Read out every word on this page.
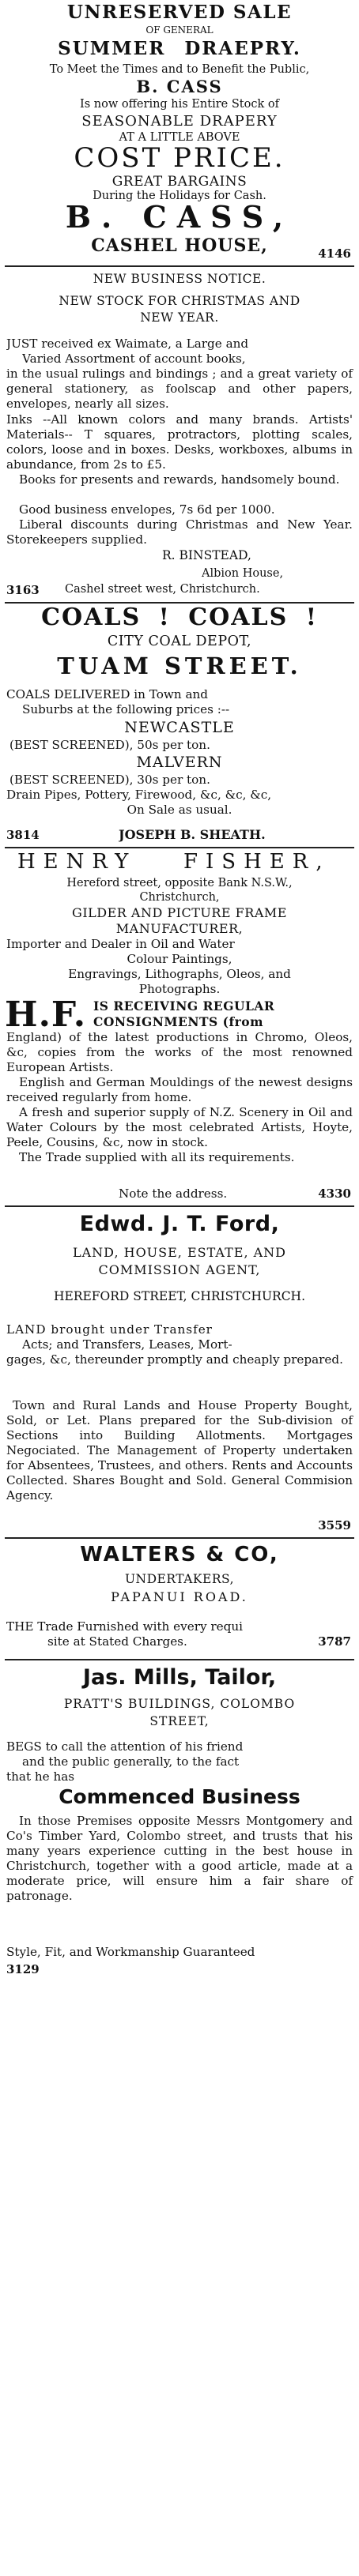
UNRESERVED SALE
OF GENERAL
SUMMER DRAEPRY.
To Meet the Times and to Benefit the Public,
B. CASS
Is now offering his Entire Stock of
SEASONABLE DRAPERY
AT A LITTLE ABOVE
COST PRICE.
GREAT BARGAINS
During the Holidays for Cash.
B. CASS,
CASHEL HOUSE,	4146
NEW BUSINESS NOTICE.
NEW STOCK FOR CHRISTMAS AND
NEW YEAR.
JUST received ex Waimate, a Large and
Varied Assortment of account books,
in the usual rulings and bindings ; and a great variety of general stationery, as foolscap and other papers, envelopes, nearly all sizes.
Inks --All known colors and many brands. Artists' Materials-- T squares, protractors, plotting scales, colors, loose and in boxes. Desks, workboxes, albums in abundance, from 2s to £5.
Books for presents and rewards, handsomely bound.
Good business envelopes, 7s 6d per 1000.
Liberal discounts during Christmas and New Year. Storekeepers supplied.
R. BINSTEAD,
Albion House,
3163	Cashel street west, Christchurch.
COALS ! COALS !
CITY COAL DEPOT,
TUAM STREET.
COALS DELIVERED in Town and
Suburbs at the following prices :--
NEWCASTLE
(BEST SCREENED), 50s per ton.
MALVERN
(BEST SCREENED), 30s per ton.
Drain Pipes, Pottery, Firewood, &c, &c, &c,
On Sale as usual.
3814	JOSEPH B. SHEATH.
HENRY	FISHER,
Hereford street, opposite Bank N.S.W.,
Christchurch,
GILDER AND PICTURE FRAME
MANUFACTURER,
Importer and Dealer in Oil and Water
Colour Paintings,
Engravings, Lithographs, Oleos, and
Photographs.
H.F. IS RECEIVING REGULAR
CONSIGNMENTS (from
England) of the latest productions in Chromo, Oleos, &c, copies from the works of the most renowned European Artists.
English and German Mouldings of the newest designs received regularly from home.
A fresh and superior supply of N.Z. Scenery in Oil and Water Colours by the most celebrated Artists, Hoyte, Peele, Cousins, &c, now in stock.
The Trade supplied with all its requirements.
Note the address.	4330
Edwd. J. T. Ford,
LAND, HOUSE, ESTATE, AND
COMMISSION AGENT,
HEREFORD STREET, CHRISTCHURCH.
LAND brought under Transfer
Acts; and Transfers, Leases, Mort-
gages, &c, thereunder promptly and cheaply prepared.
Town and Rural Lands and House Property Bought, Sold, or Let. Plans prepared for the Sub-division of Sections into Building Allotments. Mortgages Negociated. The Management of Property undertaken for Absentees, Trustees, and others. Rents and Accounts Collected. Shares Bought and Sold. General Commision Agency.
3559
WALTERS & CO,
UNDERTAKERS,
PAPANUI ROAD.
THE Trade Furnished with every requi
site at Stated Charges.	3787
Jas. Mills, Tailor,
PRATT'S BUILDINGS, COLOMBO
STREET,
BEGS to call the attention of his friend
and the public generally, to the fact
that he has
Commenced Business
In those Premises opposite Messrs Montgomery and Co's Timber Yard, Colombo street, and trusts that his many years experience cutting in the best house in Christchurch, together with a good article, made at a moderate price, will ensure him a fair share of patronage.
Style, Fit, and Workmanship Guaranteed
3129
